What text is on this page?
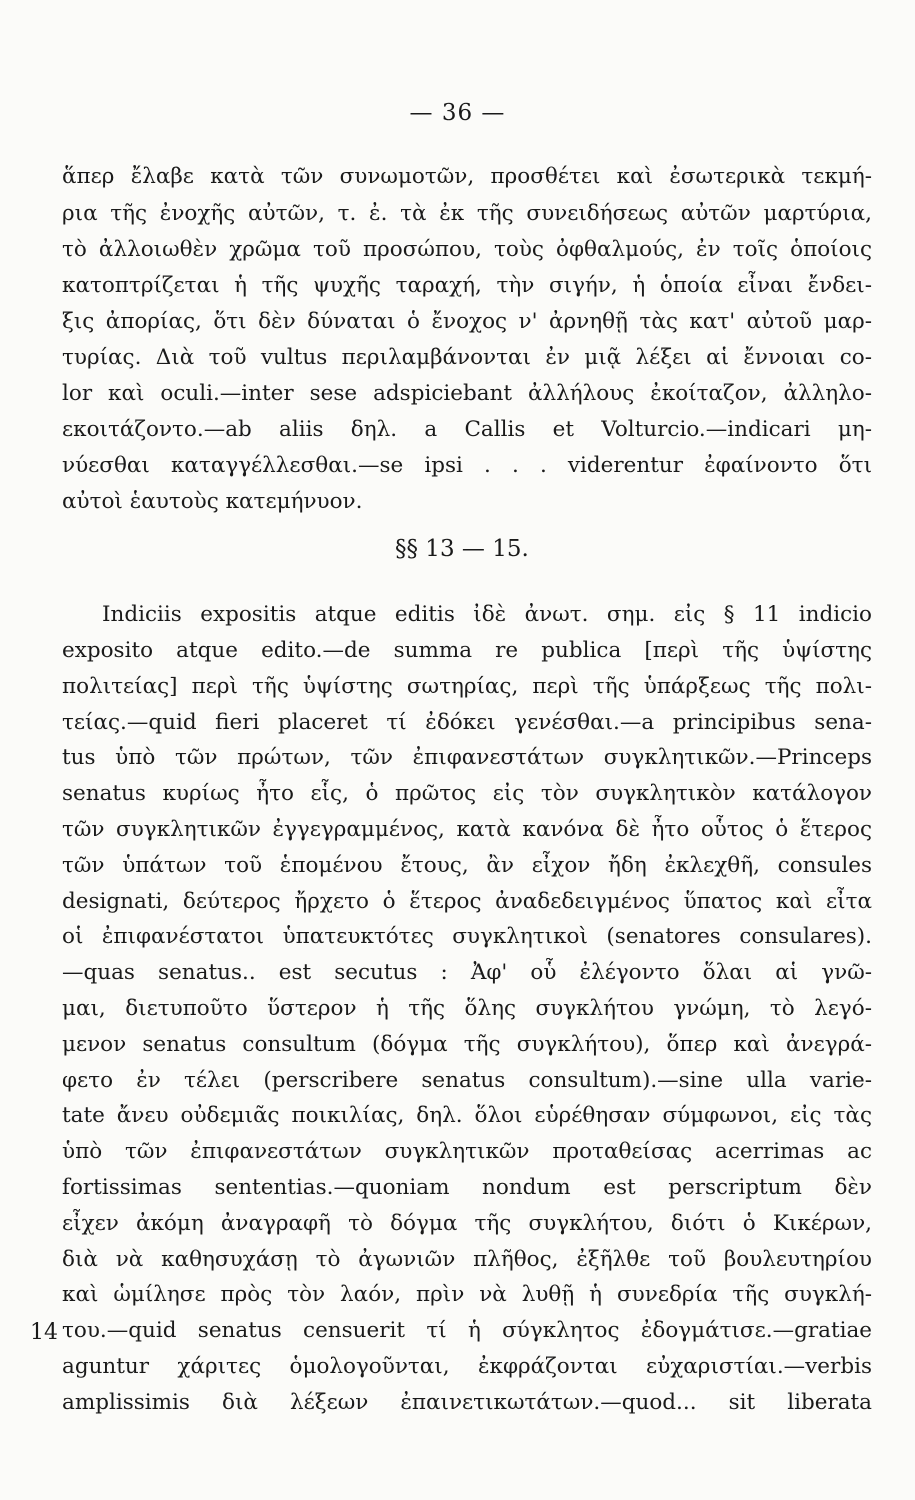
— 36 —
ἅπερ ἔλαβε κατὰ τῶν συνωμοτῶν, προσθέτει καὶ ἐσωτερικὰ τεκμή-
ρια τῆς ἐνοχῆς αὐτῶν, τ. ἐ. τὰ ἐκ τῆς συνειδήσεως αὐτῶν μαρτύρια,
τὸ ἀλλοιωθὲν χρῶμα τοῦ προσώπου, τοὺς ὀφθαλμούς, ἐν τοῖς ὁποίοις
κατοπτρίζεται ἡ τῆς ψυχῆς ταραχή, τὴν σιγήν, ἡ ὁποία εἶναι ἔνδει-
ξις ἀπορίας, ὅτι δὲν δύναται ὁ ἔνοχος ν' ἀρνηθῇ τὰς κατ' αὐτοῦ μαρ-
τυρίας. Διὰ τοῦ vultus περιλαμβάνονται ἐν μιᾷ λέξει αἱ ἔννοιαι co-
lor καὶ oculi.—inter sese adspiciebant ἀλλήλους ἐκοίταζον, ἀλληλο-
εκοιτάζοντο.—ab aliis δηλ. a Callis et Volturcio.—indicari μη-
νύεσθαι καταγγέλλεσθαι.—se ipsi . . . viderentur ἐφαίνοντο ὅτι
αὐτοὶ ἑαυτοὺς κατεμήνυον.
§§ 13 — 15.
Indiciis expositis atque editis ἰδὲ ἀνωτ. σημ. εἰς § 11 indicio
exposito atque edito.—de summa re publica [περὶ τῆς ὑψίστης
πολιτείας] περὶ τῆς ὑψίστης σωτηρίας, περὶ τῆς ὑπάρξεως τῆς πολι-
τείας.—quid fieri placeret τί ἐδόκει γενέσθαι.—a principibus sena-
tus ὑπὸ τῶν πρώτων, τῶν ἐπιφανεστάτων συγκλητικῶν.—Princeps
senatus κυρίως ἦτο εἷς, ὁ πρῶτος εἰς τὸν συγκλητικὸν κατάλογον
τῶν συγκλητικῶν ἐγγεγραμμένος, κατὰ κανόνα δὲ ἦτο οὗτος ὁ ἕτερος
τῶν ὑπάτων τοῦ ἑπομένου ἔτους, ἂν εἶχον ἤδη ἐκλεχθῆ, consules
designati, δεύτερος ἤρχετο ὁ ἕτερος ἀναδεδειγμένος ὕπατος καὶ εἶτα
οἱ ἐπιφανέστατοι ὑπατευκτότες συγκλητικοὶ (senatores consulares).
—quas senatus.. est secutus : Ἀφ' οὗ ἐλέγοντο ὅλαι αἱ γνῶ-
μαι, διετυποῦτο ὕστερον ἡ τῆς ὅλης συγκλήτου γνώμη, τὸ λεγό-
μενον senatus consultum (δόγμα τῆς συγκλήτου), ὅπερ καὶ ἀνεγρά-
φετο ἐν τέλει (perscribere senatus consultum).—sine ulla varie-
tate ἄνευ οὐδεμιᾶς ποικιλίας, δηλ. ὅλοι εὑρέθησαν σύμφωνοι, εἰς τὰς
ὑπὸ τῶν ἐπιφανεστάτων συγκλητικῶν προταθείσας acerrimas ac
fortissimas sententias.—quoniam nondum est perscriptum δὲν
εἶχεν ἀκόμη ἀναγραφῆ τὸ δόγμα τῆς συγκλήτου, διότι ὁ Κικέρων,
διὰ νὰ καθησυχάσῃ τὸ ἀγωνιῶν πλῆθος, ἐξῆλθε τοῦ βουλευτηρίου
καὶ ὡμίλησε πρὸς τὸν λαόν, πρὶν νὰ λυθῇ ἡ συνεδρία τῆς συγκλή-
του.—quid senatus censuerit τί ἡ σύγκλητος ἐδογμάτισε.—gratiae
aguntur χάριτες ὁμολογοῦνται, ἐκφράζονται εὐχαριστίαι.—verbis
amplissimis διὰ λέξεων ἐπαινετικωτάτων.—quod... sit liberata
14
